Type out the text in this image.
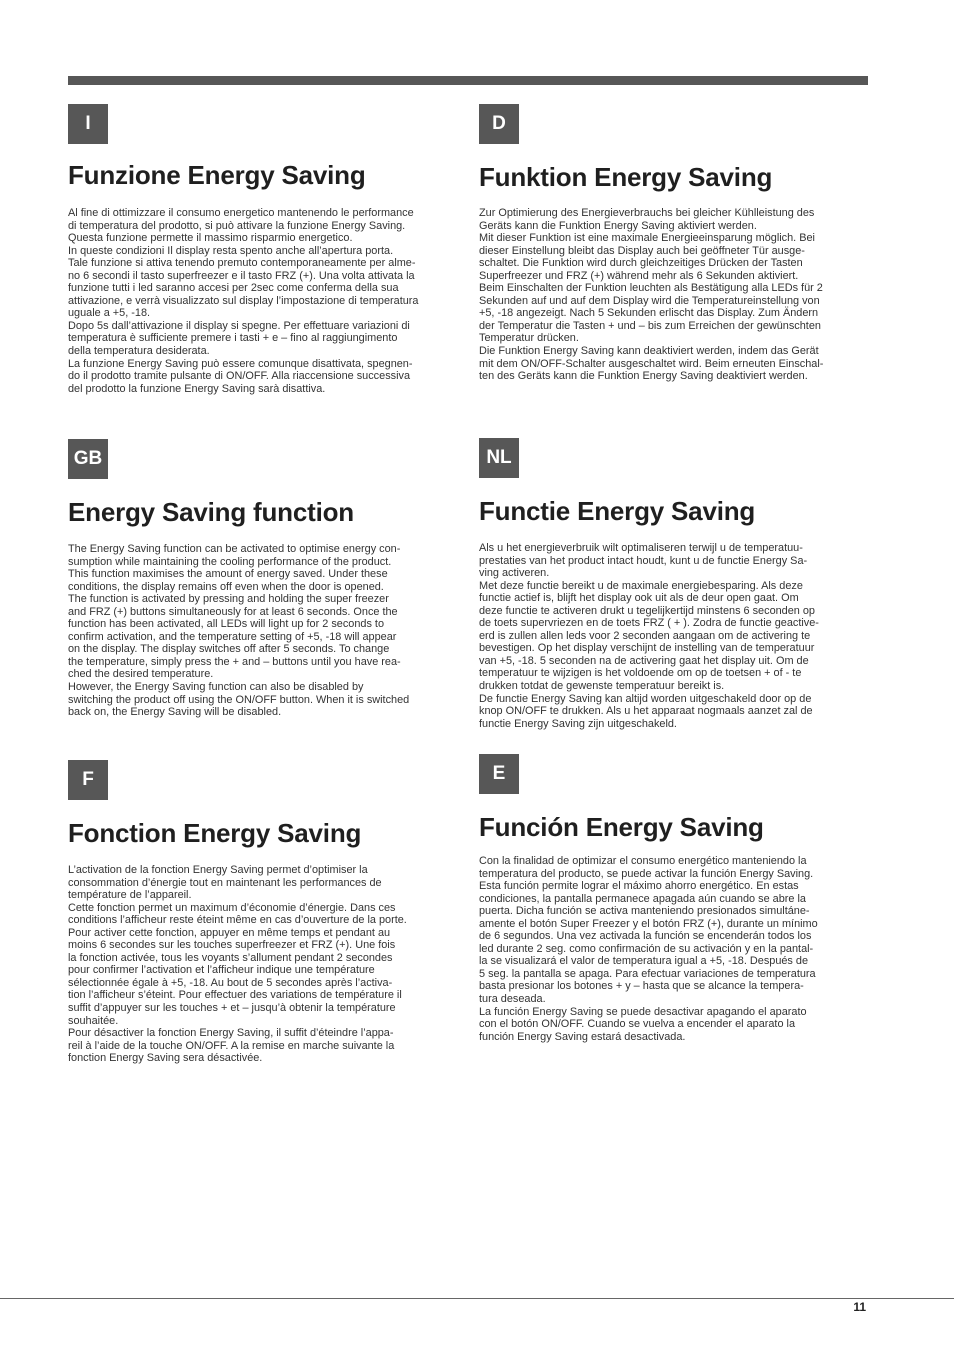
I
Funzione Energy Saving
Al fine di ottimizzare il consumo energetico mantenendo le performance
di temperatura del prodotto, si può attivare la funzione Energy Saving.
Questa funzione permette il massimo risparmio energetico.
In queste condizioni Il display resta spento anche all’apertura porta.
Tale funzione si attiva tenendo premuto contemporaneamente per alme-
no 6 secondi il tasto superfreezer e il tasto FRZ (+). Una volta attivata la
funzione tutti i led saranno accesi per 2sec come conferma della sua
attivazione, e verrà visualizzato sul display l’impostazione di temperatura
uguale a +5, -18.
Dopo 5s dall’attivazione il display si spegne. Per effettuare variazioni di
temperatura è sufficiente premere i tasti + e – fino al raggiungimento
della temperatura desiderata.
La funzione Energy Saving può essere comunque disattivata, spegnen-
do il prodotto tramite pulsante di ON/OFF. Alla riaccensione successiva
del prodotto la funzione Energy Saving sarà disattiva.
D
Funktion Energy Saving
Zur Optimierung des Energieverbrauchs bei gleicher Kühlleistung des
Geräts kann die Funktion Energy Saving aktiviert werden.
Mit dieser Funktion ist eine maximale Energieeinsparung möglich. Bei
dieser Einstellung bleibt das Display auch bei geöffneter Tür ausge-
schaltet. Die Funktion wird durch gleichzeitiges Drücken der Tasten
Superfreezer und FRZ (+) während mehr als 6 Sekunden aktiviert.
Beim Einschalten der Funktion leuchten als Bestätigung alla LEDs für 2
Sekunden auf und auf dem Display wird die Temperatureinstellung von
+5, -18 angezeigt. Nach 5 Sekunden erlischt das Display. Zum Ändern
der Temperatur die Tasten + und – bis zum Erreichen der gewünschten
Temperatur drücken.
Die Funktion Energy Saving kann deaktiviert werden, indem das Gerät
mit dem ON/OFF-Schalter ausgeschaltet wird. Beim erneuten Einschal-
ten des Geräts kann die Funktion Energy Saving deaktiviert werden.
GB
Energy Saving function
The Energy Saving function can be activated to optimise energy con-
sumption while maintaining the cooling performance of the product.
This function maximises the amount of energy saved. Under these
conditions, the display remains off even when the door is opened.
The function is activated by pressing and holding the super freezer
and FRZ (+) buttons simultaneously for at least 6 seconds. Once the
function has been activated, all LEDs will light up for 2 seconds to
confirm activation, and the temperature setting of +5, -18 will appear
on the display. The display switches off after 5 seconds. To change
the temperature, simply press the + and – buttons until you have rea-
ched the desired temperature.
However, the Energy Saving function can also be disabled by
switching the product off using the ON/OFF button. When it is switched
back on, the Energy Saving will be disabled.
NL
Functie Energy Saving
Als u het energieverbruik wilt optimaliseren terwijl u de temperatuu-
prestaties van het product intact houdt, kunt u de functie Energy Sa-
ving activeren.
Met deze functie bereikt u de maximale energiebesparing. Als deze
functie actief is, blijft het display ook uit als de deur open gaat. Om
deze functie te activeren drukt u tegelijkertijd minstens 6 seconden op
de toets supervriezen en de toets FRZ ( + ). Zodra de functie geactive-
erd is zullen allen leds voor 2 seconden aangaan om de activering te
bevestigen. Op het display verschijnt de instelling van de temperatuur
van +5, -18. 5 seconden na de activering gaat het display uit. Om de
temperatuur te wijzigen is het voldoende om op de toetsen + of - te
drukken totdat de gewenste temperatuur bereikt is.
De functie Energy Saving kan altijd worden uitgeschakeld door op de
knop ON/OFF te drukken. Als u het apparaat nogmaals aanzet zal de
functie Energy Saving zijn uitgeschakeld.
F
Fonction Energy Saving
L’activation de la fonction Energy Saving permet d’optimiser la
consommation d’énergie tout en maintenant les performances de
température de l’appareil.
Cette fonction permet un maximum d’économie d’énergie. Dans ces
conditions l’afficheur reste éteint même en cas d’ouverture de la porte.
Pour activer cette fonction, appuyer en même temps et pendant au
moins 6 secondes sur les touches superfreezer et FRZ (+). Une fois
la fonction activée, tous les voyants s’allument pendant 2 secondes
pour confirmer l’activation et l’afficheur indique une température
sélectionnée égale à +5, -18. Au bout de 5 secondes après l’activa-
tion l’afficheur s’éteint. Pour effectuer des variations de température il
suffit d’appuyer sur les touches + et – jusqu’à obtenir la température
souhaitée.
Pour désactiver la fonction Energy Saving, il suffit d’éteindre l’appa-
reil à l’aide de la touche ON/OFF. A la remise en marche suivante la
fonction Energy Saving sera désactivée.
E
Función Energy Saving
Con la finalidad de optimizar el consumo energético manteniendo la
temperatura del producto, se puede activar la función Energy Saving.
Esta función permite lograr el máximo ahorro energético. En estas
condiciones, la pantalla permanece apagada aún cuando se abre la
puerta. Dicha función se activa manteniendo presionados simultáne-
amente el botón Super Freezer y el botón FRZ (+), durante un mínimo
de 6 segundos. Una vez activada la función se encenderán todos los
led durante 2 seg. como confirmación de su activación y en la pantal-
la se visualizará el valor de temperatura igual a +5, -18. Después de
5 seg. la pantalla se apaga. Para efectuar variaciones de temperatura
basta presionar los botones + y – hasta que se alcance la tempera-
tura deseada.
La función Energy Saving se puede desactivar apagando el aparato
con el botón ON/OFF. Cuando se vuelva a encender el aparato la
función Energy Saving estará desactivada.
11
